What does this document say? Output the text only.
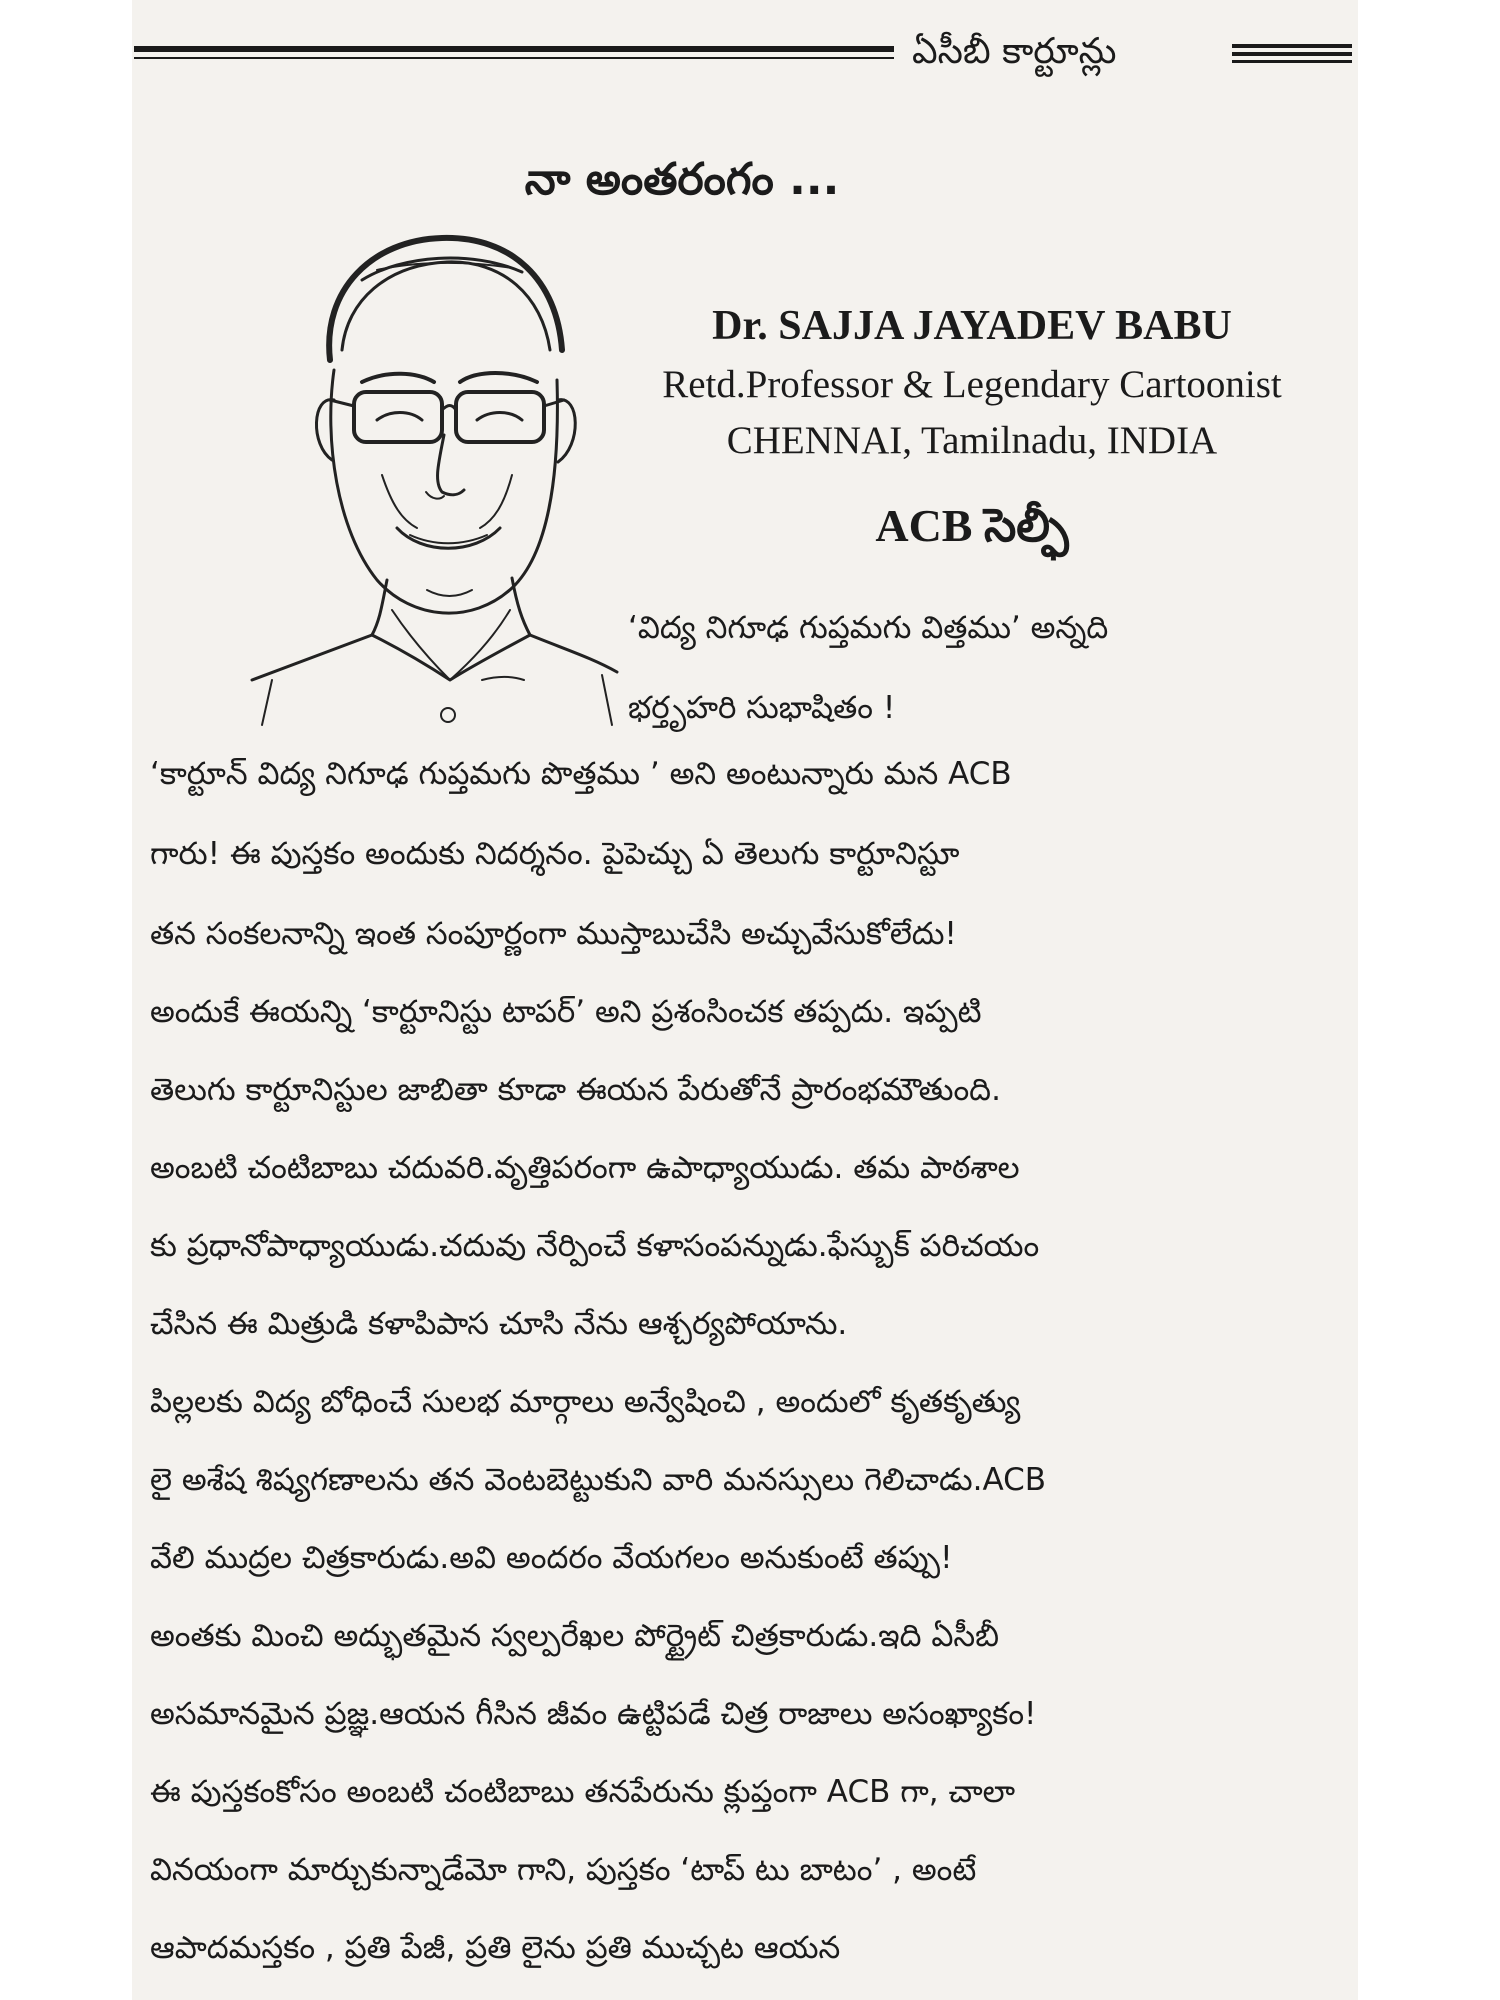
ఏసీబీ కార్టూన్లు
నా అంతరంగం ...
Dr. SAJJA JAYADEV BABU
Retd.Professor & Legendary Cartoonist
CHENNAI, Tamilnadu, INDIA
ACB సెల్ఫీ
‘విద్య నిగూఢ గుప్తమగు విత్తము’ అన్నది
భర్తృహరి సుభాషితం !
‘కార్టూన్ విద్య నిగూఢ గుప్తమగు పొత్తము ’ అని అంటున్నారు మన ACB
గారు! ఈ పుస్తకం అందుకు నిదర్శనం. పైపెచ్చు ఏ తెలుగు కార్టూనిస్టూ
తన సంకలనాన్ని ఇంత సంపూర్ణంగా ముస్తాబుచేసి అచ్చువేసుకోలేదు!
అందుకే ఈయన్ని ‘కార్టూనిస్టు టాపర్’ అని ప్రశంసించక తప్పదు. ఇప్పటి
తెలుగు కార్టూనిస్టుల జాబితా కూడా ఈయన పేరుతోనే ప్రారంభమౌతుంది.
అంబటి చంటిబాబు చదువరి.వృత్తిపరంగా ఉపాధ్యాయుడు. తమ పాఠశాల
కు ప్రధానోపాధ్యాయుడు.చదువు నేర్పించే కళాసంపన్నుడు.ఫేస్బుక్ పరిచయం
చేసిన ఈ మిత్రుడి కళాపిపాస చూసి నేను ఆశ్చర్యపోయాను.
పిల్లలకు విద్య బోధించే సులభ మార్గాలు అన్వేషించి , అందులో కృతకృత్యు
లై అశేష శిష్యగణాలను తన వెంటబెట్టుకుని వారి మనస్సులు గెలిచాడు.ACB
వేలి ముద్రల చిత్రకారుడు.అవి అందరం వేయగలం అనుకుంటే తప్పు!
అంతకు మించి అద్భుతమైన స్వల్పరేఖల పోర్ట్రైట్ చిత్రకారుడు.ఇది ఏసీబీ
అసమానమైన ప్రజ్ఞ.ఆయన గీసిన జీవం ఉట్టిపడే చిత్ర రాజాలు అసంఖ్యాకం!
ఈ పుస్తకంకోసం అంబటి చంటిబాబు తనపేరును క్లుప్తంగా ACB గా, చాలా
వినయంగా మార్చుకున్నాడేమో గాని, పుస్తకం ‘టాప్ టు బాటం’ , అంటే
ఆపాదమస్తకం , ప్రతి పేజీ, ప్రతి లైను ప్రతి ముచ్చట ఆయన
